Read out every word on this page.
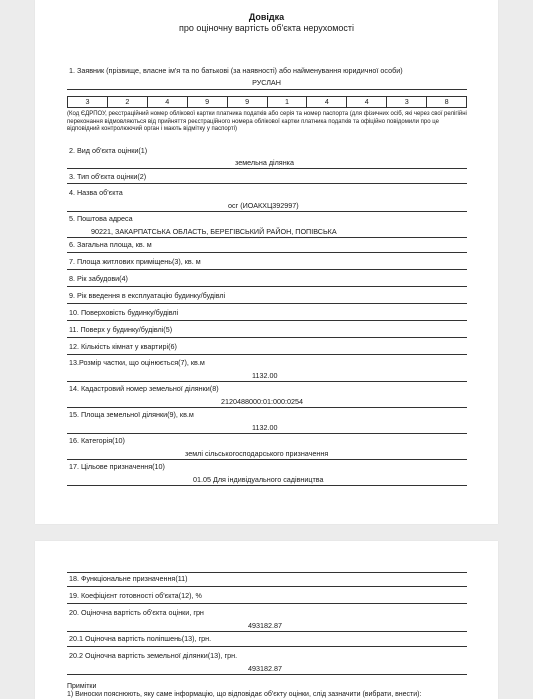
Довідка
про оціночну вартість об'єкта нерухомості
1. Заявник (прізвище, власне ім'я та по батькові (за наявності) або найменування юридичної особи)
РУСЛАН
3	2	4	9	9	1	4	4	3	8
(Код ЄДРПОУ, реєстраційний номер облікової картки платника податків або серія та номер паспорта (для фізичних осіб, які через свої релігійні переконання відмовляються від прийняття реєстраційного номера облікової картки платника податків та офіційно повідомили про це відповідний контролюючий орган і мають відмітку у паспорті)
2. Вид об'єкта оцінки(1)
земельна ділянка
3. Тип об'єкта оцінки(2)
4. Назва об'єкта
осг (ИОАКХЦ392997)
5. Поштова адреса
90221, ЗАКАРПАТСЬКА ОБЛАСТЬ, БЕРЕГІВСЬКИЙ РАЙОН, ПОПІВСЬКА
6. Загальна площа, кв. м
7. Площа житлових приміщень(3), кв. м
8. Рік забудови(4)
9. Рік введення в експлуатацію будинку/будівлі
10. Поверховість будинку/будівлі
11. Поверх у будинку/будівлі(5)
12. Кількість кімнат у квартирі(6)
13.Розмір частки, що оцінюється(7), кв.м
1132.00
14. Кадастровий номер земельної ділянки(8)
2120488000:01:000:0254
15. Площа земельної ділянки(9), кв.м
1132.00
16. Категорія(10)
землі сільськогосподарського призначення
17. Цільове призначення(10)
01.05 Для індивідуального садівництва
18. Функціональне призначення(11)
19. Коефіцієнт готовності об'єкта(12), %
20. Оціночна вартість об'єкта оцінки, грн
493182.87
20.1 Оціночна вартість поліпшень(13), грн.
20.2 Оціночна вартість земельної ділянки(13), грн.
493182.87
Примітки
1) Виноски пояснюють, яку саме інформацію, що відповідає об'єкту оцінки, слід зазначити (вибрати, внести):
